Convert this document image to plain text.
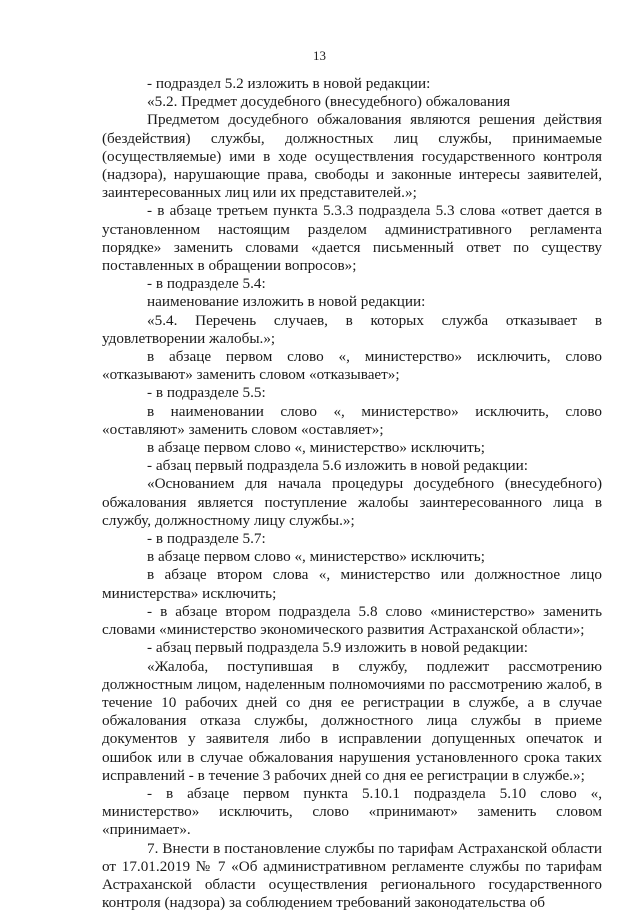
13

- подраздел 5.2 изложить в новой редакции:

«5.2. Предмет досудебного (внесудебного) обжалования

Предметом досудебного обжалования являются решения действия (бездействия) службы, должностных лиц службы, принимаемые (осуществляемые) ими в ходе осуществления государственного контроля (надзора), нарушающие права, свободы и законные интересы заявителей, заинтересованных лиц или их представителей.»;

- в абзаце третьем пункта 5.3.3 подраздела 5.3 слова «ответ дается в установленном настоящим разделом административного регламента порядке» заменить словами «дается письменный ответ по существу поставленных в обращении вопросов»;

- в подразделе 5.4:

наименование изложить в новой редакции:

«5.4. Перечень случаев, в которых служба отказывает в удовлетворении жалобы.»;

в абзаце первом слово «, министерство» исключить, слово «отказывают» заменить словом «отказывает»;

- в подразделе 5.5:

в наименовании слово «, министерство» исключить, слово «оставляют» заменить словом «оставляет»;

в абзаце первом слово «, министерство» исключить;

- абзац первый подраздела 5.6 изложить в новой редакции:

«Основанием для начала процедуры досудебного (внесудебного) обжалования является поступление жалобы заинтересованного лица в службу, должностному лицу службы.»;

- в подразделе 5.7:

в абзаце первом слово «, министерство» исключить;

в абзаце втором слова «, министерство или должностное лицо министерства» исключить;

- в абзаце втором подраздела 5.8 слово «министерство» заменить словами «министерство экономического развития Астраханской области»;

- абзац первый подраздела 5.9 изложить в новой редакции:

«Жалоба, поступившая в службу, подлежит рассмотрению должностным лицом, наделенным полномочиями по рассмотрению жалоб, в течение 10 рабочих дней со дня ее регистрации в службе, а в случае обжалования отказа службы, должностного лица службы в приеме документов у заявителя либо в исправлении допущенных опечаток и ошибок или в случае обжалования нарушения установленного срока таких исправлений - в течение 3 рабочих дней со дня ее регистрации в службе.»;

- в абзаце первом пункта 5.10.1 подраздела 5.10 слово «, министерство» исключить, слово «принимают» заменить словом «принимает».

7. Внести в постановление службы по тарифам Астраханской области от 17.01.2019 № 7 «Об административном регламенте службы по тарифам Астраханской области осуществления регионального государственного контроля (надзора) за соблюдением требований законодательства об
